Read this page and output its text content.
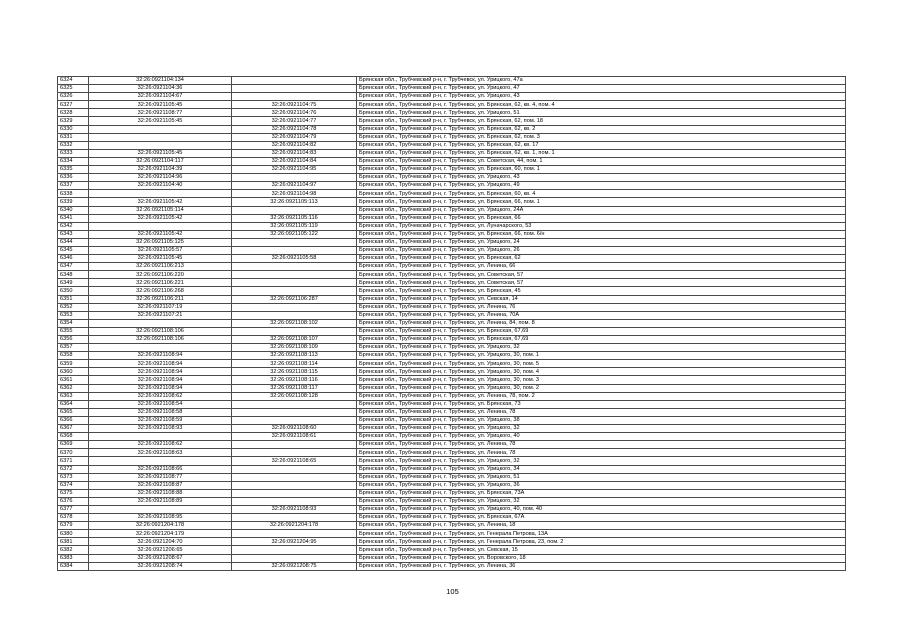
6324	32:26:0921104:134		Брянская обл., Трубчевский р-н, г. Трубчевск, ул. Урицкого, 47а
6325	32:26:0921104:36		Брянская обл., Трубчевский р-н, г. Трубчевск, ул. Урицкого, 47
6326	32:26:0921104:67		Брянская обл., Трубчевский р-н, г. Трубчевск, ул. Урицкого, 43
6327	32:26:0921105:45	32:26:0921104:75	Брянская обл., Трубчевский р-н, г. Трубчевск, ул. Брянская, 62, кв. 4, пом. 4
6328	32:26:0921108:77	32:26:0921104:76	Брянская обл., Трубчевский р-н, г. Трубчевск, ул. Урицкого, 51
6329	32:26:0921105:45	32:26:0921104:77	Брянская обл., Трубчевский р-н, г. Трубчевск, ул. Брянская, 62, пом. 18
6330		32:26:0921104:78	Брянская обл., Трубчевский р-н, г. Трубчевск, ул. Брянская, 62, кв. 2
6331		32:26:0921104:79	Брянская обл., Трубчевский р-н, г. Трубчевск, ул. Брянская, 62, пом. 3
6332		32:26:0921104:82	Брянская обл., Трубчевский р-н, г. Трубчевск, ул. Брянская, 62, кв. 17
6333	32:26:0921105:45	32:26:0921104:83	Брянская обл., Трубчевский р-н, г. Трубчевск, ул. Брянская, 62, кв. 1, пом. 1
6334	32:26:0921104:117	32:26:0921104:84	Брянская обл., Трубчевский р-н, г. Трубчевск, ул. Советская, 44, пом. 1
6335	32:26:0921104:39	32:26:0921104:95	Брянская обл., Трубчевский р-н, г. Трубчевск, ул. Брянская, 60, пом. 1
6336	32:26:0921104:96		Брянская обл., Трубчевский р-н, г. Трубчевск, ул. Урицкого, 43
6337	32:26:0921104:40	32:26:0921104:97	Брянская обл., Трубчевский р-н, г. Трубчевск, ул. Урицкого, 49
6338		32:26:0921104:98	Брянская обл., Трубчевский р-н, г. Трубчевск, ул. Брянская, 60, кв. 4
6339	32:26:0921105:42	32:26:0921105:113	Брянская обл., Трубчевский р-н, г. Трубчевск, ул. Брянская, 66, пом. 1
6340	32:26:0921105:114		Брянская обл., Трубчевский р-н, г. Трубчевск, ул. Урицкого, 24А
6341	32:26:0921105:42	32:26:0921105:116	Брянская обл., Трубчевский р-н, г. Трубчевск, ул. Брянская, 66
6342		32:26:0921105:119	Брянская обл., Трубчевский р-н, г. Трубчевск, ул. Луначарского, 53
6343	32:26:0921105:42	32:26:0921105:122	Брянская обл., Трубчевский р-н, г. Трубчевск, ул. Брянская, 66, пом. 6/н
6344	32:26:0921105:125		Брянская обл., Трубчевский р-н, г. Трубчевск, ул. Урицкого, 24
6345	32:26:0921105:57		Брянская обл., Трубчевский р-н, г. Трубчевск, ул. Урицкого, 26
6346	32:26:0921105:45	32:26:0921105:58	Брянская обл., Трубчевский р-н, г. Трубчевск, ул. Брянская, 62
6347	32:26:0921106:213		Брянская обл., Трубчевский р-н, г. Трубчевск, ул. Ленина, 66
6348	32:26:0921106:220		Брянская обл., Трубчевский р-н, г. Трубчевск, ул. Советская, 57
6349	32:26:0921106:221		Брянская обл., Трубчевский р-н, г. Трубчевск, ул. Советская, 57
6350	32:26:0921106:268		Брянская обл., Трубчевский р-н, г. Трубчевск, ул. Брянская, 45
6351	32:26:0921106:211	32:26:0921106:287	Брянская обл., Трубчевский р-н, г. Трубчевск, ул. Севская, 14
6352	32:26:0921107:19		Брянская обл., Трубчевский р-н, г. Трубчевск, ул. Ленина, 76
6353	32:26:0921107:21		Брянская обл., Трубчевский р-н, г. Трубчевск, ул. Ленина, 70А
6354		32:26:0921108:102	Брянская обл., Трубчевский р-н, г. Трубчевск, ул. Ленина, 84, пом. 8
6355	32:26:0921108:106		Брянская обл., Трубчевский р-н, г. Трубчевск, ул. Брянская, 67,69
6356	32:26:0921108:106	32:26:0921108:107	Брянская обл., Трубчевский р-н, г. Трубчевск, ул. Брянская, 67,69
6357		32:26:0921108:109	Брянская обл., Трубчевский р-н, г. Трубчевск, ул. Урицкого, 32
6358	32:26:0921108:94	32:26:0921108:113	Брянская обл., Трубчевский р-н, г. Трубчевск, ул. Урицкого, 30, пом. 1
6359	32:26:0921108:94	32:26:0921108:114	Брянская обл., Трубчевский р-н, г. Трубчевск, ул. Урицкого, 30, пом. 5
6360	32:26:0921108:94	32:26:0921108:115	Брянская обл., Трубчевский р-н, г. Трубчевск, ул. Урицкого, 30, пом. 4
6361	32:26:0921108:94	32:26:0921108:116	Брянская обл., Трубчевский р-н, г. Трубчевск, ул. Урицкого, 30, пом. 3
6362	32:26:0921108:94	32:26:0921108:117	Брянская обл., Трубчевский р-н, г. Трубчевск, ул. Урицкого, 30, пом. 2
6363	32:26:0921108:62	32:26:0921108:128	Брянская обл., Трубчевский р-н, г. Трубчевск, ул. Ленина, 78, пом. 2
6364	32:26:0921108:54		Брянская обл., Трубчевский р-н, г. Трубчевск, ул. Брянская, 73
6365	32:26:0921108:58		Брянская обл., Трубчевский р-н, г. Трубчевск, ул. Ленина, 78
6366	32:26:0921108:59		Брянская обл., Трубчевский р-н, г. Трубчевск, ул. Урицкого, 38
6367	32:26:0921108:93	32:26:0921108:60	Брянская обл., Трубчевский р-н, г. Трубчевск, ул. Урицкого, 32
6368		32:26:0921108:61	Брянская обл., Трубчевский р-н, г. Трубчевск, ул. Урицкого, 40
6369	32:26:0921108:62		Брянская обл., Трубчевский р-н, г. Трубчевск, ул. Ленина, 78
6370	32:26:0921108:63		Брянская обл., Трубчевский р-н, г. Трубчевск, ул. Ленина, 78
6371		32:26:0921108:65	Брянская обл., Трубчевский р-н, г. Трубчевск, ул. Урицкого, 32
6372	32:26:0921108:66		Брянская обл., Трубчевский р-н, г. Трубчевск, ул. Урицкого, 34
6373	32:26:0921108:77		Брянская обл., Трубчевский р-н, г. Трубчевск, ул. Урицкого, 51
6374	32:26:0921108:87		Брянская обл., Трубчевский р-н, г. Трубчевск, ул. Урицкого, 36
6375	32:26:0921108:88		Брянская обл., Трубчевский р-н, г. Трубчевск, ул. Брянская, 73А
6376	32:26:0921108:89		Брянская обл., Трубчевский р-н, г. Трубчевск, ул. Урицкого, 32
6377		32:26:0921108:93	Брянская обл., Трубчевский р-н, г. Трубчевск, ул. Урицкого, 40, пом. 40
6378	32:26:0921108:95		Брянская обл., Трубчевский р-н, г. Трубчевск, ул. Брянская, 67А
6379	32:26:0921204:178	32:26:0921204:178	Брянская обл., Трубчевский р-н, г. Трубчевск, ул. Ленина, 18
6380	32:26:0921204:179		Брянская обл., Трубчевский р-н, г. Трубчевск, ул. Генерала Петрова, 13А
6381	32:26:0921204:70	32:26:0921204:95	Брянская обл., Трубчевский р-н, г. Трубчевск, ул. Генерала Петрова, 23, пом. 2
6382	32:26:0921206:65		Брянская обл., Трубчевский р-н, г. Трубчевск, ул. Севская, 15
6383	32:26:0921208:67		Брянская обл., Трубчевский р-н, г. Трубчевск, ул. Воровского, 18
6384	32:26:0921208:74	32:26:0921208:75	Брянская обл., Трубчевский р-н, г. Трубчевск, ул. Ленина, 36
105
